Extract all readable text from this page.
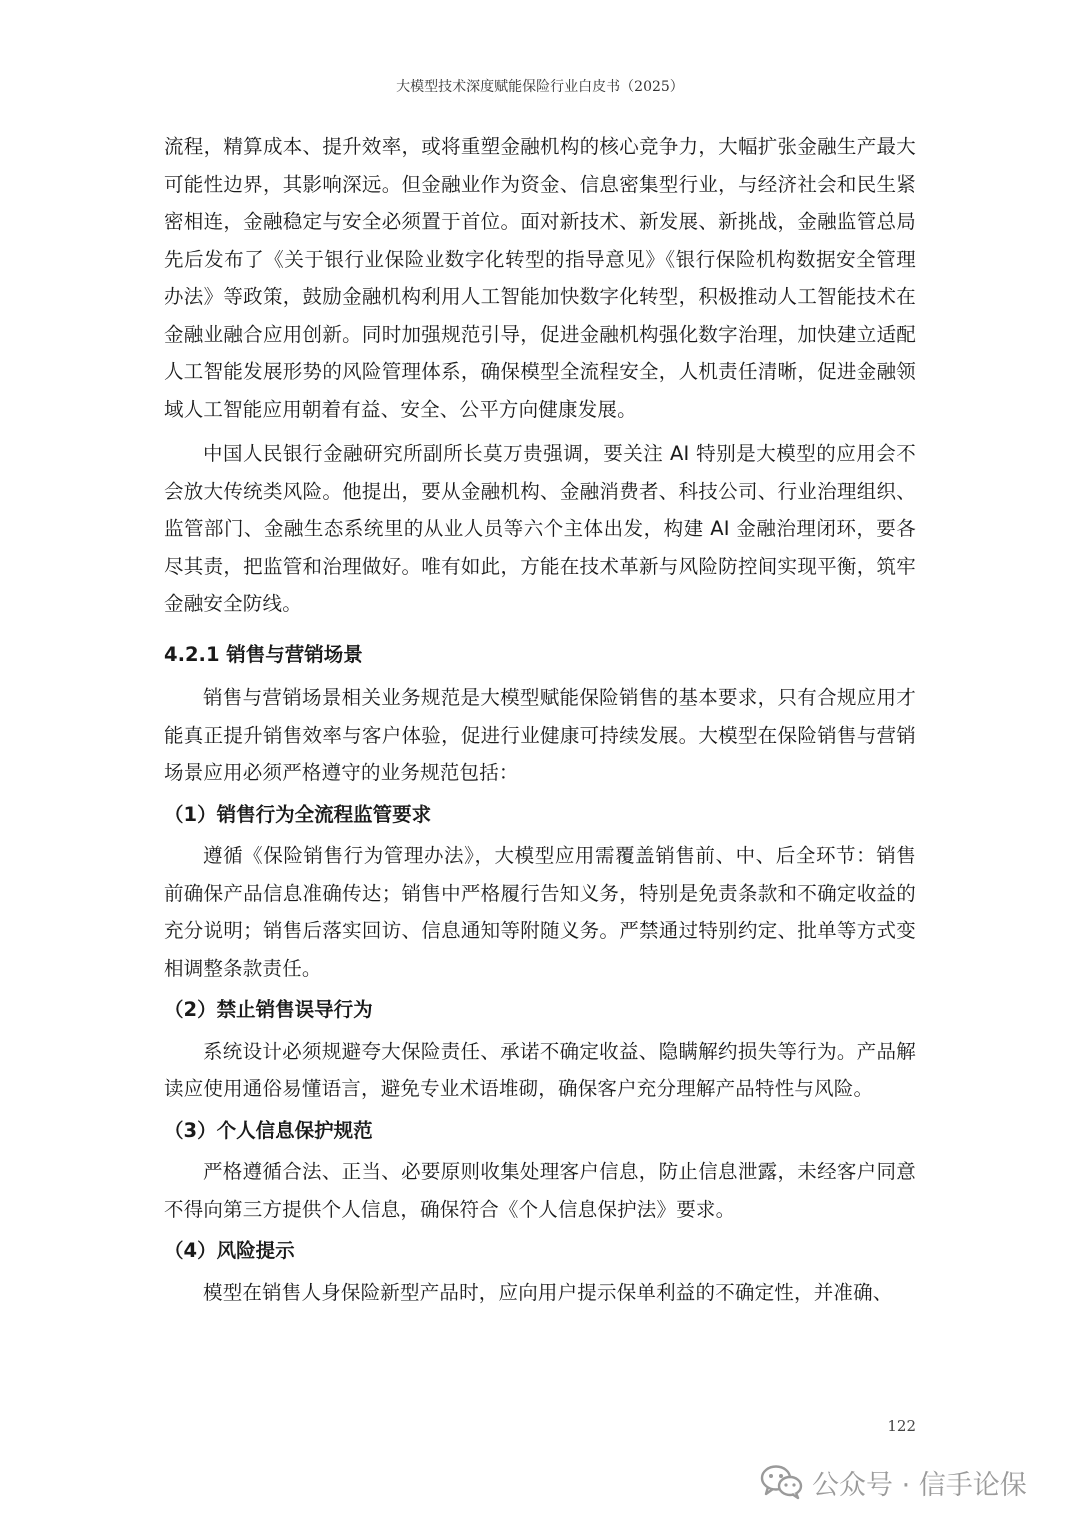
大模型技术深度赋能保险行业白皮书（2025）

流程，精算成本、提升效率，或将重塑金融机构的核心竞争力，大幅扩张金融生产最大可能性边界，其影响深远。但金融业作为资金、信息密集型行业，与经济社会和民生紧密相连，金融稳定与安全必须置于首位。面对新技术、新发展、新挑战，金融监管总局先后发布了《关于银行业保险业数字化转型的指导意见》《银行保险机构数据安全管理办法》等政策，鼓励金融机构利用人工智能加快数字化转型，积极推动人工智能技术在金融业融合应用创新。同时加强规范引导，促进金融机构强化数字治理，加快建立适配人工智能发展形势的风险管理体系，确保模型全流程安全，人机责任清晰，促进金融领域人工智能应用朝着有益、安全、公平方向健康发展。

中国人民银行金融研究所副所长莫万贵强调，要关注 AI 特别是大模型的应用会不会放大传统类风险。他提出，要从金融机构、金融消费者、科技公司、行业治理组织、监管部门、金融生态系统里的从业人员等六个主体出发，构建 AI 金融治理闭环，要各尽其责，把监管和治理做好。唯有如此，方能在技术革新与风险防控间实现平衡，筑牢金融安全防线。

4.2.1 销售与营销场景

销售与营销场景相关业务规范是大模型赋能保险销售的基本要求，只有合规应用才能真正提升销售效率与客户体验，促进行业健康可持续发展。大模型在保险销售与营销场景应用必须严格遵守的业务规范包括：

（1）销售行为全流程监管要求

遵循《保险销售行为管理办法》，大模型应用需覆盖销售前、中、后全环节：销售前确保产品信息准确传达；销售中严格履行告知义务，特别是免责条款和不确定收益的充分说明；销售后落实回访、信息通知等附随义务。严禁通过特别约定、批单等方式变相调整条款责任。

（2）禁止销售误导行为

系统设计必须规避夸大保险责任、承诺不确定收益、隐瞒解约损失等行为。产品解读应使用通俗易懂语言，避免专业术语堆砌，确保客户充分理解产品特性与风险。

（3）个人信息保护规范

严格遵循合法、正当、必要原则收集处理客户信息，防止信息泄露，未经客户同意不得向第三方提供个人信息，确保符合《个人信息保护法》要求。

（4）风险提示

模型在销售人身保险新型产品时，应向用户提示保单利益的不确定性，并准确、

122
公众号 · 信手论保
